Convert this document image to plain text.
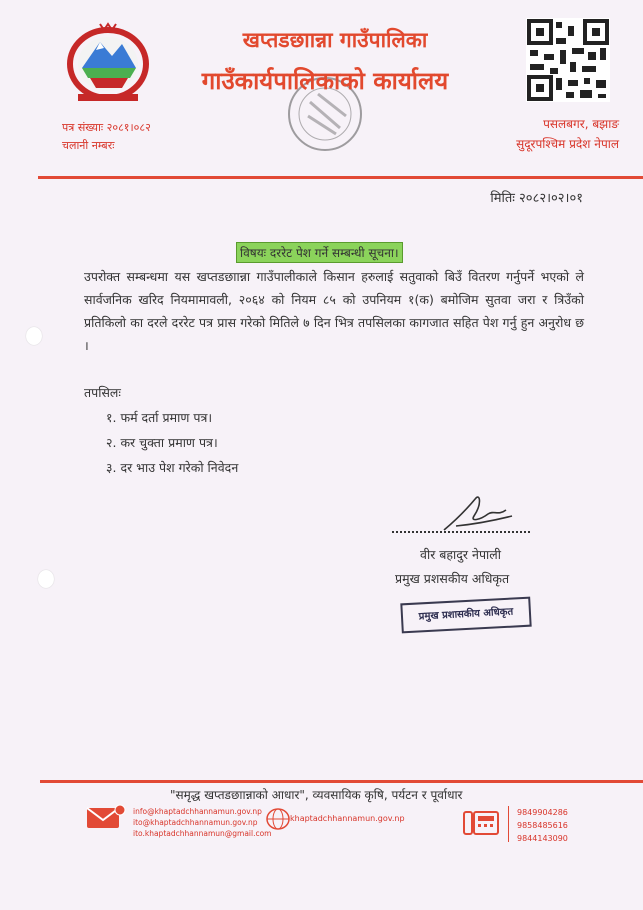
खप्तडछाान्ना गाउँपालिका
गाउँकार्यपालिकाको कार्यालय
पत्र संख्याः २०८१।०८२
चलानी नम्बरः
पसलबगर, बझाङ
सुदूरपश्चिम प्रदेश नेपाल
मितिः २०८२।०२।०१
विषयः दररेट पेश गर्ने सम्बन्धी सूचना।
उपरोक्त सम्बन्धमा यस खप्तडछाान्ना गाउँपालीकाले किसान हरुलाई सतुवाको बिउँ वितरण गर्नुपर्ने भएको ले सार्वजनिक खरिद नियमामावली, २०६४ को नियम ८५ को उपनियम १(क) बमोजिम सुतवा जरा र त्रिउँको प्रतिकिलो का दरले दररेट पत्र प्रास गरेको मितिले ७ दिन भित्र तपसिलका कागजात सहित पेश गर्नु हुन अनुरोध छ ।
तपसिलः
१. फर्म दर्ता प्रमाण पत्र।
२. कर चुक्ता प्रमाण पत्र।
३. दर भाउ पेश गरेको निवेदन
वीर बहादुर नेपाली
प्रमुख प्रशसकीय अधिकृत
प्रमुख प्रशासकीय अधिकृत
"समृद्ध खप्तडछाान्नाको आधार", व्यवसायिक कृषि, पर्यटन र पूर्वाधार
info@khaptadchhannamun.gov.np
ito@khaptadchhannamun.gov.np
ito.khaptadchhannamun@gmail.com
khaptadchhannamun.gov.np
9849904286
9858485616
9844143090
